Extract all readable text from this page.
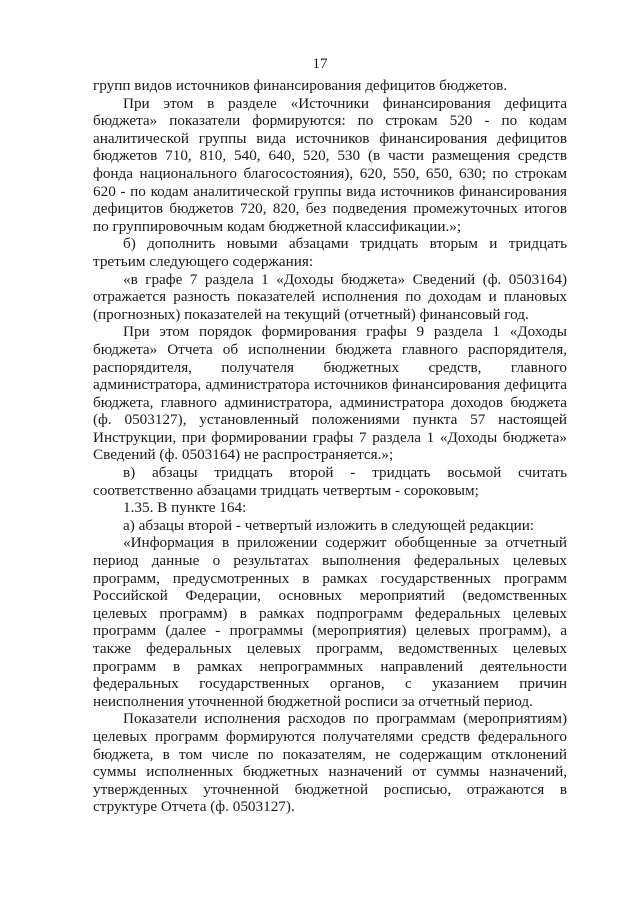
17

групп видов источников финансирования дефицитов бюджетов.

При этом в разделе «Источники финансирования дефицита бюджета» показатели формируются: по строкам 520 - по кодам аналитической группы вида источников финансирования дефицитов бюджетов 710, 810, 540, 640, 520, 530 (в части размещения средств фонда национального благосостояния), 620, 550, 650, 630; по строкам 620 - по кодам аналитической группы вида источников финансирования дефицитов бюджетов 720, 820, без подведения промежуточных итогов по группировочным кодам бюджетной классификации.»;

б) дополнить новыми абзацами тридцать вторым и тридцать третьим следующего содержания:

«в графе 7 раздела 1 «Доходы бюджета» Сведений (ф. 0503164) отражается разность показателей исполнения по доходам и плановых (прогнозных) показателей на текущий (отчетный) финансовый год.

При этом порядок формирования графы 9 раздела 1 «Доходы бюджета» Отчета об исполнении бюджета главного распорядителя, распорядителя, получателя бюджетных средств, главного администратора, администратора источников финансирования дефицита бюджета, главного администратора, администратора доходов бюджета (ф. 0503127), установленный положениями пункта 57 настоящей Инструкции, при формировании графы 7 раздела 1 «Доходы бюджета» Сведений (ф. 0503164) не распространяется.»;

в) абзацы тридцать второй - тридцать восьмой считать соответственно абзацами тридцать четвертым - сороковым;

1.35. В пункте 164:

а) абзацы второй - четвертый изложить в следующей редакции:

«Информация в приложении содержит обобщенные за отчетный период данные о результатах выполнения федеральных целевых программ, предусмотренных в рамках государственных программ Российской Федерации, основных мероприятий (ведомственных целевых программ) в рамках подпрограмм федеральных целевых программ (далее - программы (мероприятия) целевых программ), а также федеральных целевых программ, ведомственных целевых программ в рамках непрограммных направлений деятельности федеральных государственных органов, с указанием причин неисполнения уточненной бюджетной росписи за отчетный период.

Показатели исполнения расходов по программам (мероприятиям) целевых программ формируются получателями средств федерального бюджета, в том числе по показателям, не содержащим отклонений суммы исполненных бюджетных назначений от суммы назначений, утвержденных уточненной бюджетной росписью, отражаются в структуре Отчета (ф. 0503127).
